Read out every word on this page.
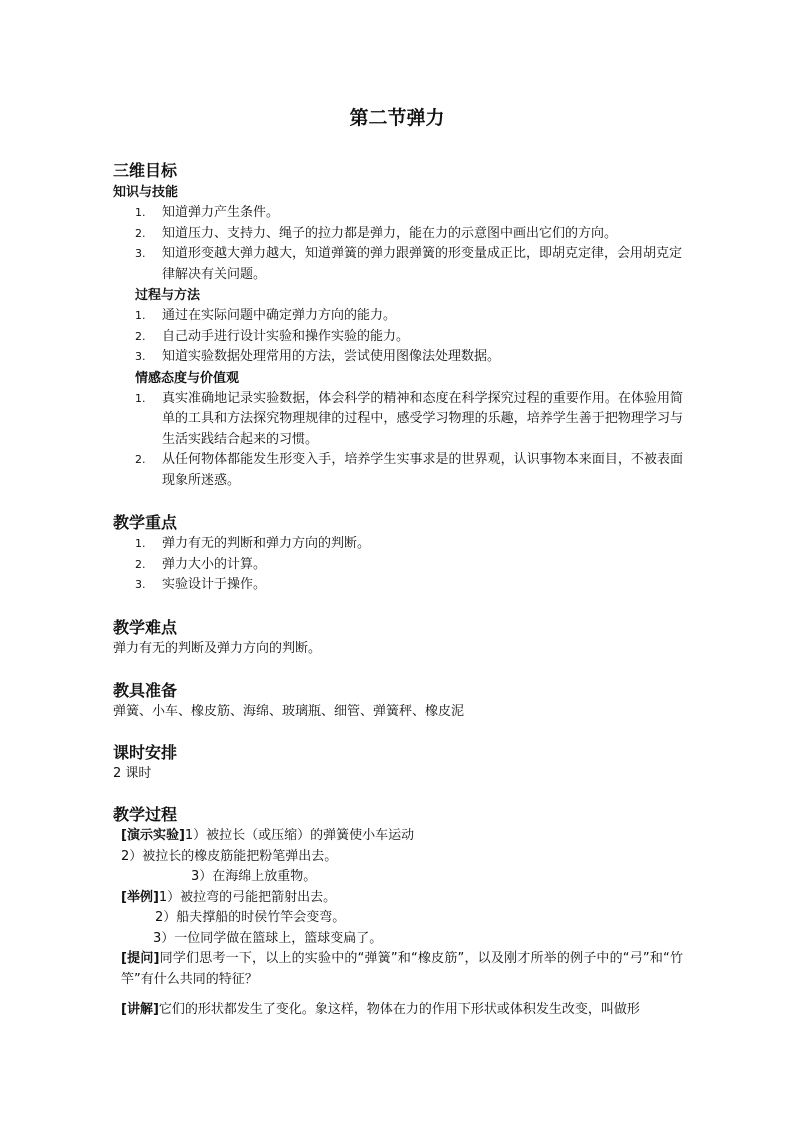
第二节弹力
三维目标
知识与技能
1. 知道弹力产生条件。
2. 知道压力、支持力、绳子的拉力都是弹力，能在力的示意图中画出它们的方向。
3. 知道形变越大弹力越大，知道弹簧的弹力跟弹簧的形变量成正比，即胡克定律，会用胡克定律解决有关问题。
过程与方法
1. 通过在实际问题中确定弹力方向的能力。
2. 自己动手进行设计实验和操作实验的能力。
3. 知道实验数据处理常用的方法，尝试使用图像法处理数据。
情感态度与价值观
1. 真实准确地记录实验数据，体会科学的精神和态度在科学探究过程的重要作用。在体验用简单的工具和方法探究物理规律的过程中，感受学习物理的乐趣，培养学生善于把物理学习与生活实践结合起来的习惯。
2. 从任何物体都能发生形变入手，培养学生实事求是的世界观，认识事物本来面目，不被表面现象所迷惑。
教学重点
1. 弹力有无的判断和弹力方向的判断。
2. 弹力大小的计算。
3. 实验设计于操作。
教学难点
弹力有无的判断及弹力方向的判断。
教具准备
弹簧、小车、橡皮筋、海绵、玻璃瓶、细管、弹簧秤、橡皮泥
课时安排
2 课时
教学过程
[演示实验]1）被拉长（或压缩）的弹簧使小车运动
2）被拉长的橡皮筋能把粉笔弹出去。
3）在海绵上放重物。
[举例]1）被拉弯的弓能把箭射出去。
2）船夫撑船的时侯竹竿会变弯。
3）一位同学做在篮球上，篮球变扁了。
[提问]同学们思考一下，以上的实验中的“弹簧”和“橡皮筋”，以及刚才所举的例子中的“弓”和“竹竿”有什么共同的特征？
[讲解]它们的形状都发生了变化。象这样，物体在力的作用下形状或体积发生改变，叫做形
